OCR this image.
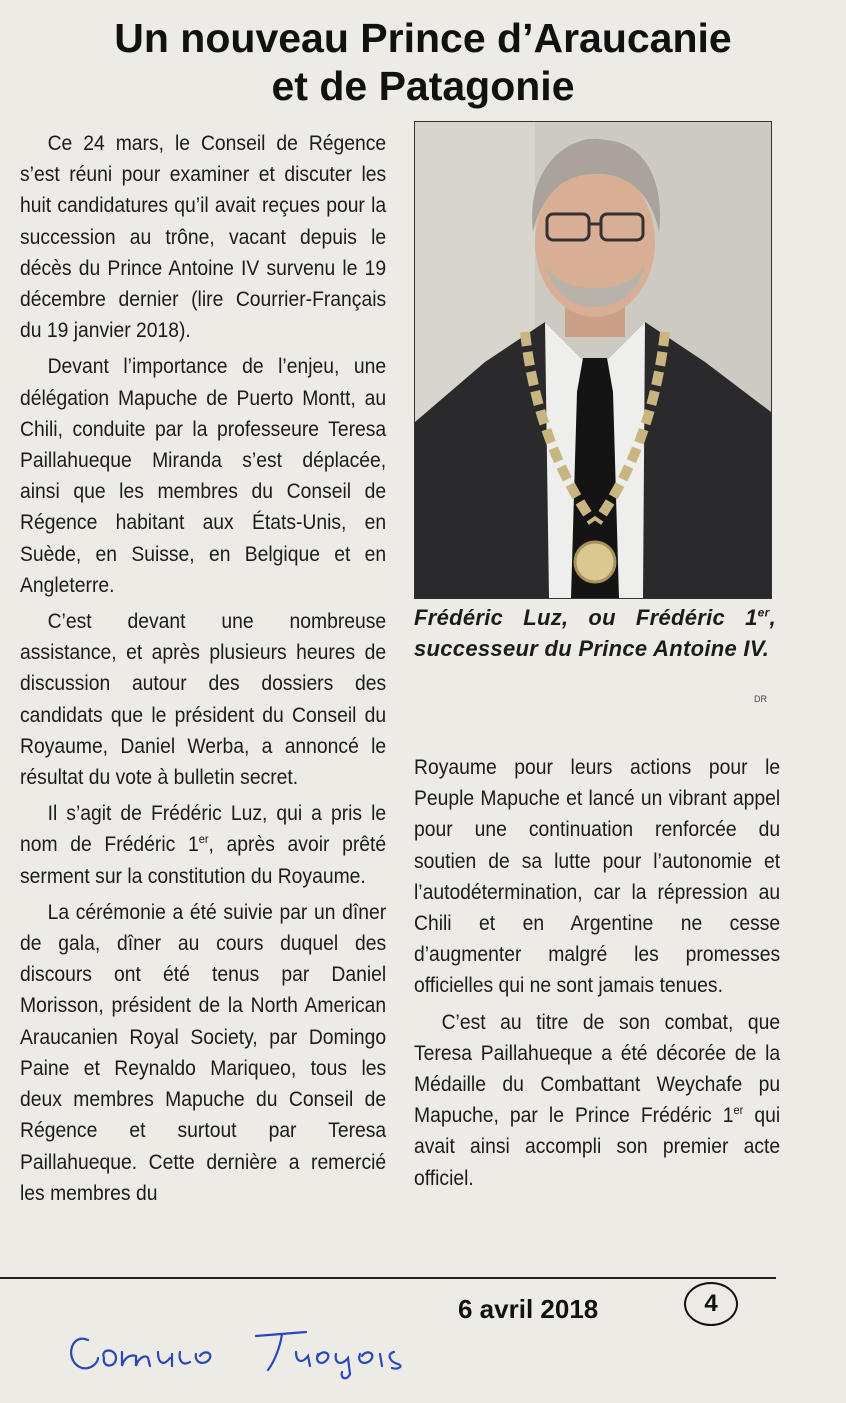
Un nouveau Prince d’Araucanie
et de Patagonie

Ce 24 mars, le Conseil de Régence s’est réuni pour examiner et discuter les huit candidatures qu’il avait reçues pour la succession au trône, vacant depuis le décès du Prince Antoine IV survenu le 19 décembre dernier (lire Courrier-Français du 19 janvier 2018).

Devant l’importance de l’enjeu, une délégation Mapuche de Puerto Montt, au Chili, conduite par la professeure Teresa Paillahueque Miranda s’est déplacée, ainsi que les membres du Conseil de Régence habitant aux États-Unis, en Suède, en Suisse, en Belgique et en Angleterre.

C’est devant une nombreuse assistance, et après plusieurs heures de discussion autour des dossiers des candidats que le président du Conseil du Royaume, Daniel Werba, a annoncé le résultat du vote à bulletin secret.

Il s’agit de Frédéric Luz, qui a pris le nom de Frédéric 1er, après avoir prêté serment sur la constitution du Royaume.

La cérémonie a été suivie par un dîner de gala, dîner au cours duquel des discours ont été tenus par Daniel Morisson, président de la North American Araucanien Royal Society, par Domingo Paine et Reynaldo Mariqueo, tous les deux membres Mapuche du Conseil de Régence et surtout par Teresa Paillahueque. Cette dernière a remercié les membres du

Frédéric Luz, ou Frédéric 1er, successeur du Prince Antoine IV.

DR

Royaume pour leurs actions pour le Peuple Mapuche et lancé un vibrant appel pour une continuation renforcée du soutien de sa lutte pour l’autonomie et l’autodétermination, car la répression au Chili et en Argentine ne cesse d’augmenter malgré les promesses officielles qui ne sont jamais tenues.

C’est au titre de son combat, que Teresa Paillahueque a été décorée de la Médaille du Combattant Weychafe pu Mapuche, par le Prince Frédéric 1er qui avait ainsi accompli son premier acte officiel.

6 avril 2018	4
